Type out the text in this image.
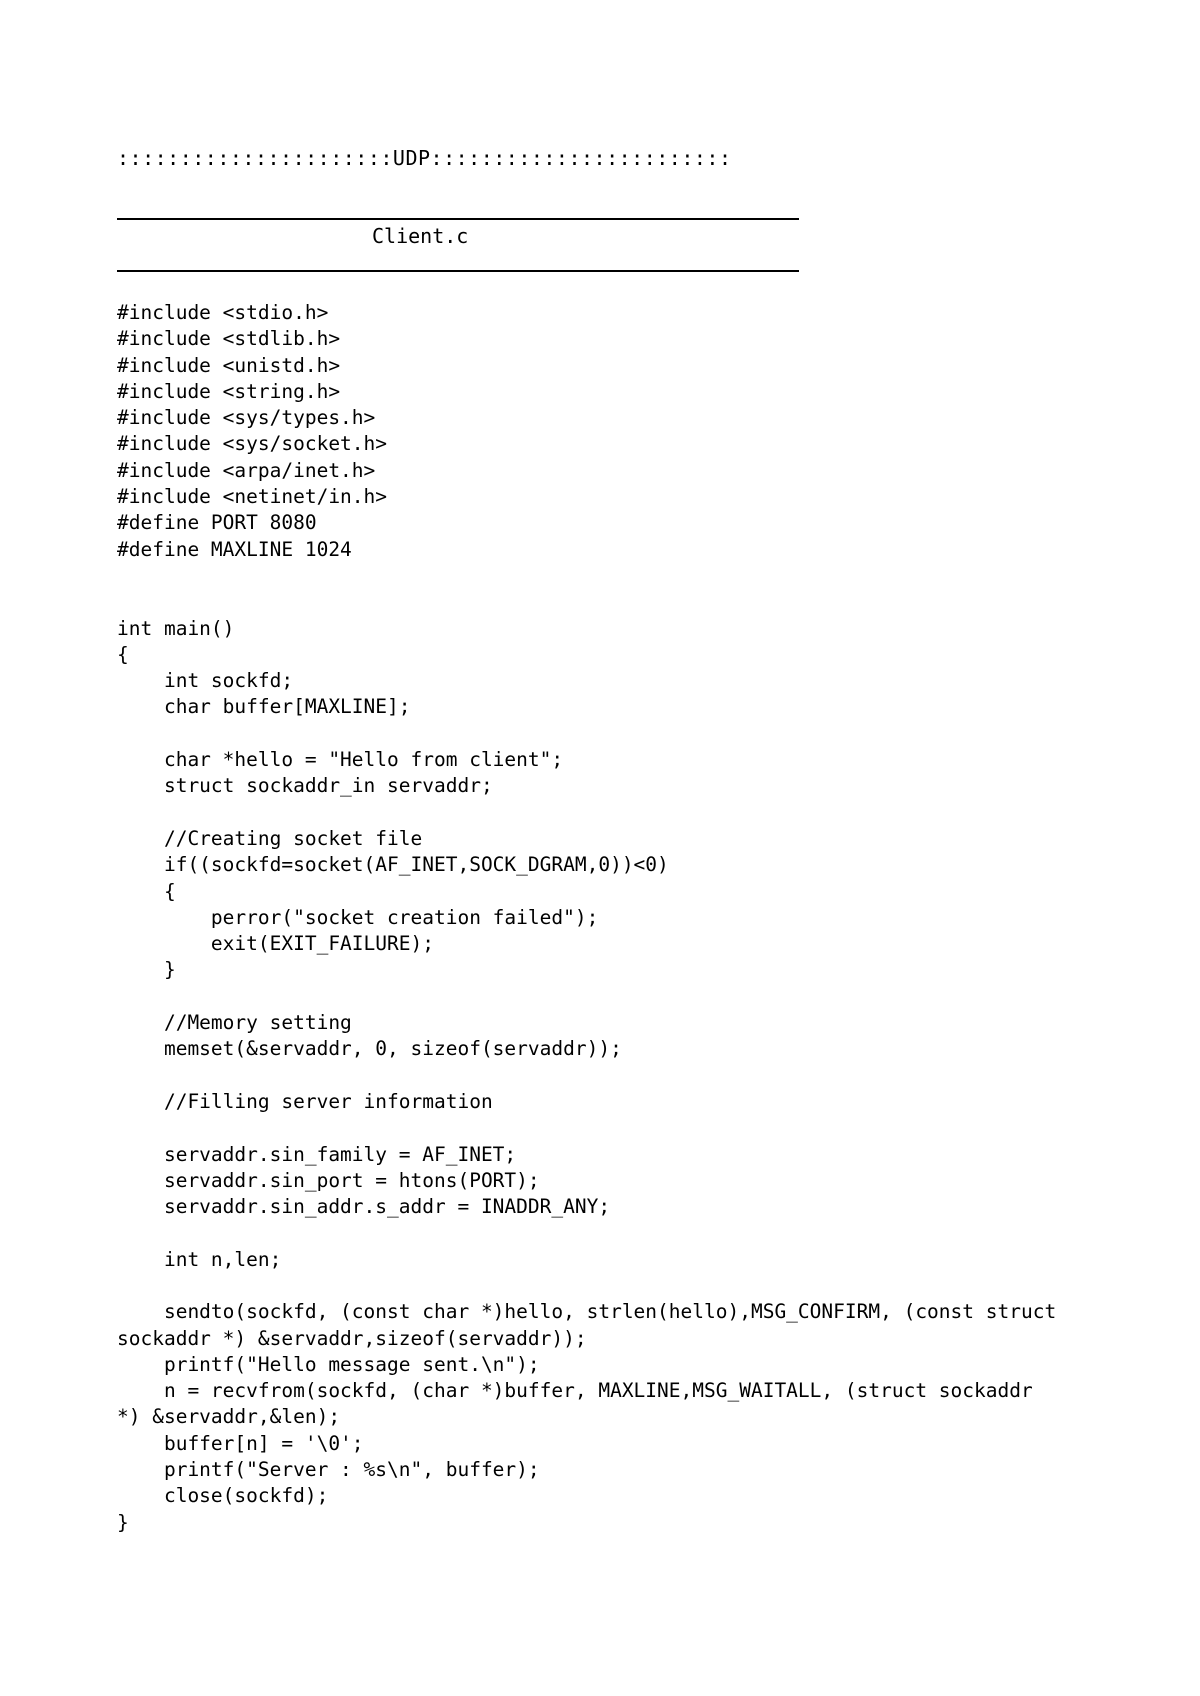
::::::::::::::::::::::UDP::::::::::::::::::::::::
Client.c
#include <stdio.h>
#include <stdlib.h>
#include <unistd.h>
#include <string.h>
#include <sys/types.h>
#include <sys/socket.h>
#include <arpa/inet.h>
#include <netinet/in.h>
#define PORT 8080
#define MAXLINE 1024
int main()
{
int sockfd;
char buffer[MAXLINE];
char *hello = "Hello from client";
struct sockaddr_in servaddr;
//Creating socket file
if((sockfd=socket(AF_INET,SOCK_DGRAM,0))<0)
{
perror("socket creation failed");
exit(EXIT_FAILURE);
}
//Memory setting
memset(&servaddr, 0, sizeof(servaddr));
//Filling server information
servaddr.sin_family = AF_INET;
servaddr.sin_port = htons(PORT);
servaddr.sin_addr.s_addr = INADDR_ANY;
int n,len;
sendto(sockfd, (const char *)hello, strlen(hello),MSG_CONFIRM, (const struct
sockaddr *) &servaddr,sizeof(servaddr));
printf("Hello message sent.\n");
n = recvfrom(sockfd, (char *)buffer, MAXLINE,MSG_WAITALL, (struct sockaddr
*) &servaddr,&len);
buffer[n] = '\0';
printf("Server : %s\n", buffer);
close(sockfd);
}
